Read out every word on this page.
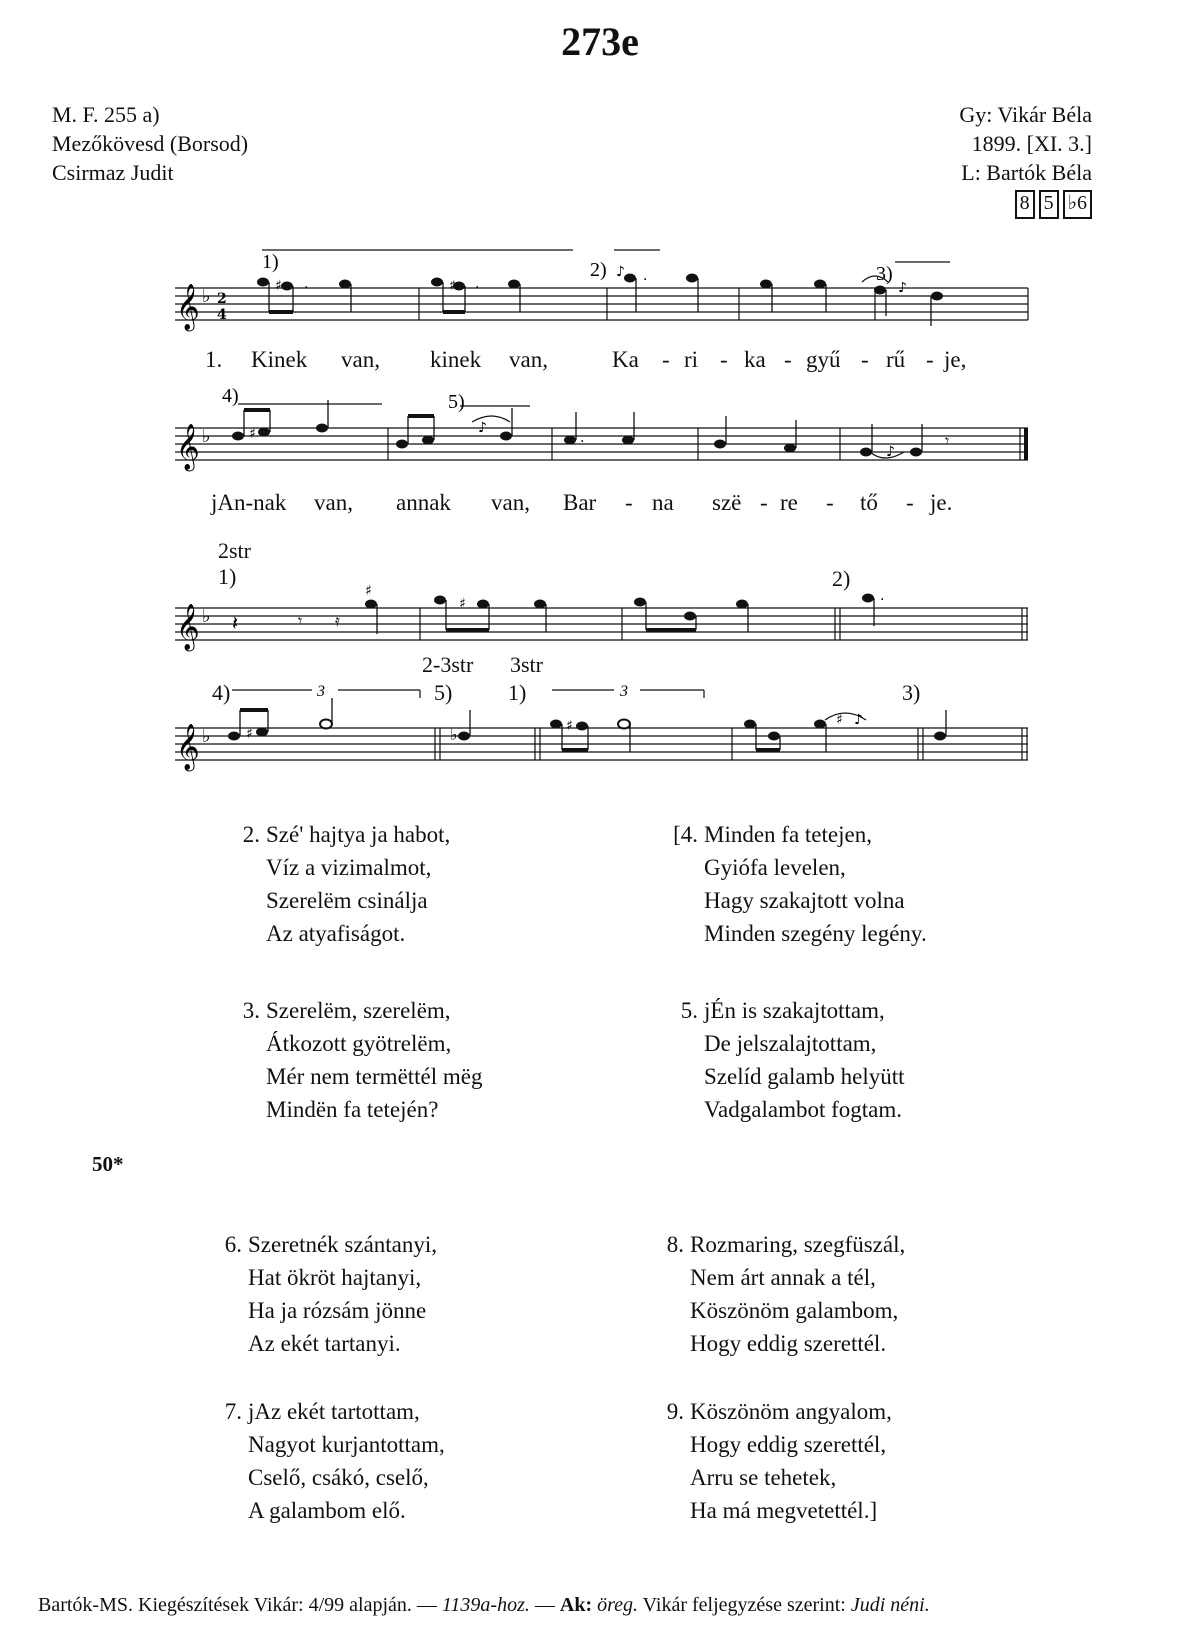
273e
M. F. 255 a)
Mezőkövesd (Borsod)
Csirmaz Judit
Gy: Vikár Béla
1899. [XI. 3.]
L: Bartók Béla
8 5 ♭6
𝄞 ♭ 2
4
♯	♯
.	.	.
♪
♪
1)	2)	3)
1. Kinek van, kinek van,	Ka - ri - ka - gyű - rű - je,
𝄞 ♭	♯	.
♪
♪
𝄾
4)	5)
jAn-nak van, annak van, Bar - na szë - re - tő - je.
2str
1)	2)
𝄞 ♭ 𝄽	𝄾 𝄿
♯
♯	.
2-3str 3str
4)	5)	1)	3)
3	3
𝄞 ♭	♯	♭	♯	♯ ♪
2. Szé' hajtya ja habot,
Víz a vizimalmot,
Szerelëm csinálja
Az atyafiságot.
[4. Minden fa tetejen,
Gyiófa levelen,
Hagy szakajtott volna
Minden szegény legény.
3. Szerelëm, szerelëm,
Átkozott gyötrelëm,
Mér nem termëttél mëg
Mindën fa tetején?
5. jÉn is szakajtottam,
De jelszalajtottam,
Szelíd galamb helyütt
Vadgalambot fogtam.
50*
6. Szeretnék szántanyi,
Hat ökröt hajtanyi,
Ha ja rózsám jönne
Az ekét tartanyi.
8. Rozmaring, szegfüszál,
Nem árt annak a tél,
Köszönöm galambom,
Hogy eddig szerettél.
7. jAz ekét tartottam,
Nagyot kurjantottam,
Cselő, csákó, cselő,
A galambom elő.
9. Köszönöm angyalom,
Hogy eddig szerettél,
Arru se tehetek,
Ha má megvetettél.]
Bartók-MS. Kiegészítések Vikár: 4/99 alapján. — 1139a-hoz. — Ak: öreg. Vikár feljegyzése szerint: Judi néni.
